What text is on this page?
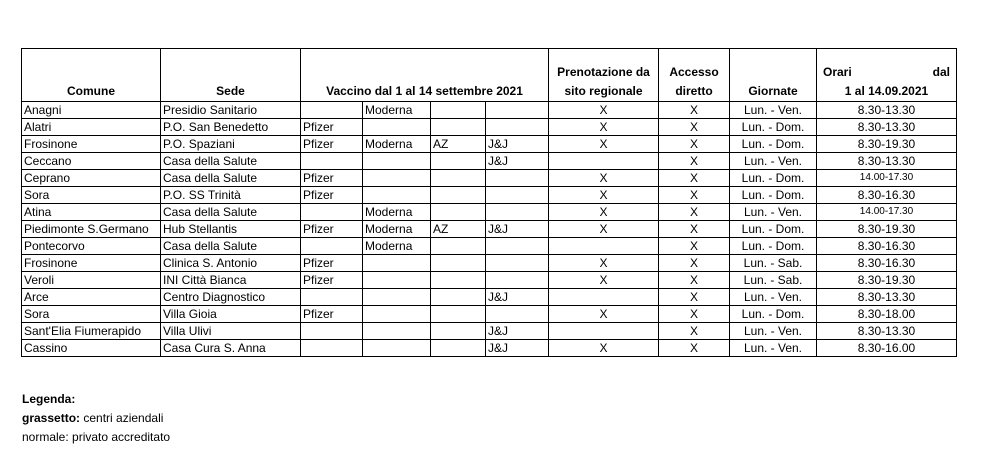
Comune	Sede	Vaccino dal 1 al 14 settembre 2021				Prenotazione da sito regionale	Accesso diretto	Giornate	Orari dal
1 al 14.09.2021

Anagni	Presidio Sanitario		Moderna			X	X	Lun. - Ven.	8.30-13.30
Alatri	P.O. San Benedetto	Pfizer				X	X	Lun. - Dom.	8.30-13.30
Frosinone	P.O. Spaziani	Pfizer	Moderna	AZ	J&J	X	X	Lun. - Dom.	8.30-19.30
Ceccano	Casa della Salute				J&J		X	Lun. - Ven.	8.30-13.30
Ceprano	Casa della Salute	Pfizer				X	X	Lun. - Dom.	14.00-17.30
Sora	P.O. SS Trinità	Pfizer				X	X	Lun. - Dom.	8.30-16.30
Atina	Casa della Salute		Moderna			X	X	Lun. - Ven.	14.00-17.30
Piedimonte S.Germano	Hub Stellantis	Pfizer	Moderna	AZ	J&J	X	X	Lun. - Dom.	8.30-19.30
Pontecorvo	Casa della Salute		Moderna				X	Lun. - Dom.	8.30-16.30
Frosinone	Clinica S. Antonio	Pfizer				X	X	Lun. - Sab.	8.30-16.30
Veroli	INI Città Bianca	Pfizer				X	X	Lun. - Sab.	8.30-19.30
Arce	Centro Diagnostico				J&J		X	Lun. - Ven.	8.30-13.30
Sora	Villa Gioia	Pfizer				X	X	Lun. - Dom.	8.30-18.00
Sant'Elia Fiumerapido	Villa Ulivi				J&J		X	Lun. - Ven.	8.30-13.30
Cassino	Casa Cura S. Anna				J&J	X	X	Lun. - Ven.	8.30-16.00
Legenda:
grassetto: centri aziendali
normale: privato accreditato
